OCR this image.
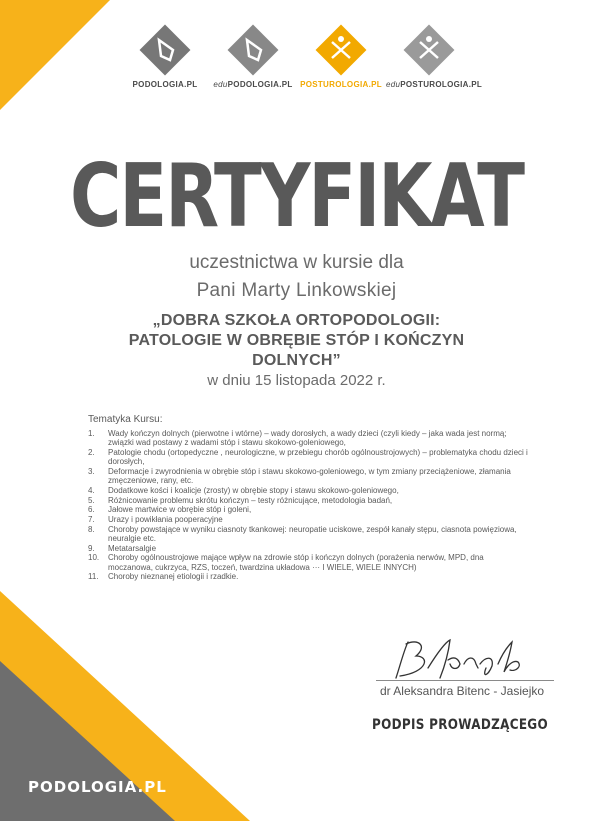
PODOLOGIA.PL	eduPODOLOGIA.PL POSTUROLOGIA.PL eduPOSTUROLOGIA.PL
CERTYFIKAT
uczestnictwa w kursie dla
Pani Marty Linkowskiej
„DOBRA SZKOŁA ORTOPODOLOGII:
PATOLOGIE W OBRĘBIE STÓP I KOŃCZYN
DOLNYCH”
w dniu 15 listopada 2022 r.
Tematyka Kursu:
1. Wady kończyn dolnych (pierwotne i wtórne) – wady dorosłych, a wady dzieci (czyli kiedy – jaka wada jest normą; związki wad postawy z wadami stóp i stawu skokowo-goleniowego,
2. Patologie chodu (ortopedyczne , neurologiczne, w przebiegu chorób ogólnoustrojowych) – problematyka chodu dzieci i dorosłych,
3. Deformacje i zwyrodnienia w obrębie stóp i stawu skokowo-goleniowego, w tym zmiany przeciążeniowe, złamania zmęczeniowe, rany, etc.
4. Dodatkowe kości i koalicje (zrosty) w obrębie stopy i stawu skokowo-goleniowego,
5. Różnicowanie problemu skrótu kończyn – testy różnicujące, metodologia badań,
6. Jałowe martwice w obrębie stóp i goleni,
7. Urazy i powikłania pooperacyjne
8. Choroby powstające w wyniku ciasnoty tkankowej: neuropatie uciskowe, zespół kanały stępu, ciasnota powięziowa, neuralgie etc.
9. Metatarsalgie
10. Choroby ogólnoustrojowe mające wpływ na zdrowie stóp i kończyn dolnych (porażenia nerwów, MPD, dna moczanowa, cukrzyca, RZS, toczeń, twardzina układowa ··· I WIELE, WIELE INNYCH)
11. Choroby nieznanej etiologii i rzadkie.
dr Aleksandra Bitenc - Jasiejko
PODPIS PROWADZĄCEGO
PODOLOGIA.PL
